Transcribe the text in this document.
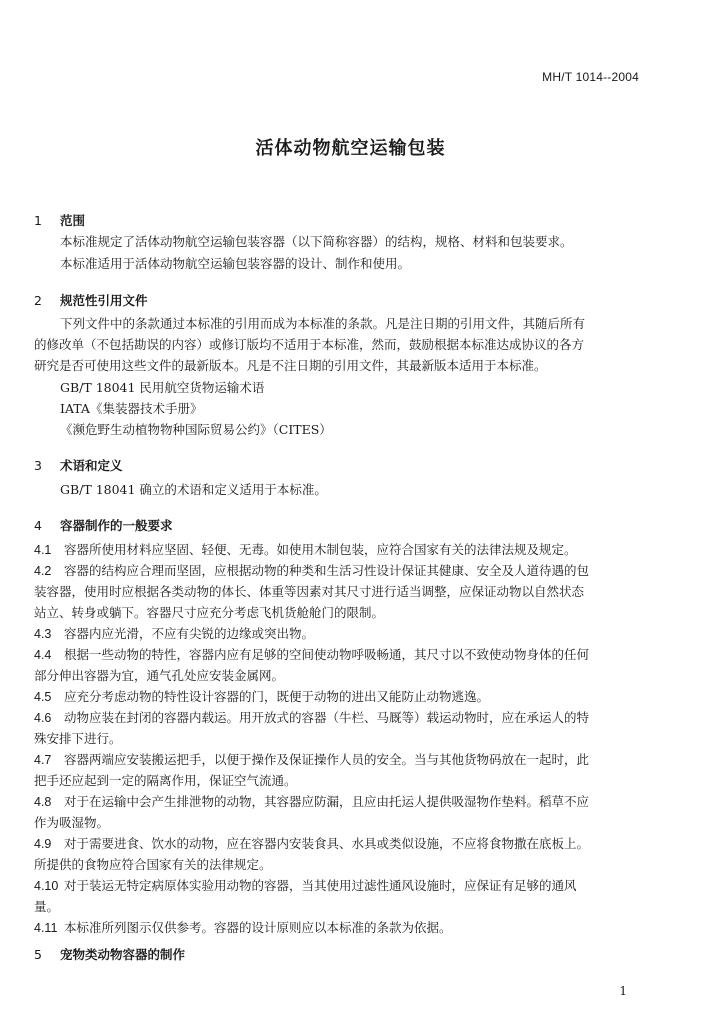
MH/T 1014--2004
活体动物航空运输包装
1 范围
本标准规定了活体动物航空运输包装容器（以下简称容器）的结构，规格、材料和包装要求。
本标准适用于活体动物航空运输包装容器的设计、制作和使用。
2 规范性引用文件
下列文件中的条款通过本标准的引用而成为本标准的条款。凡是注日期的引用文件，其随后所有
的修改单（不包括勘误的内容）或修订版均不适用于本标准，然而，鼓励根据本标准达成协议的各方
研究是否可使用这些文件的最新版本。凡是不注日期的引用文件，其最新版本适用于本标准。
GB/T 18041 民用航空货物运输术语
IATA《集装器技术手册》
《濒危野生动植物物种国际贸易公约》（CITES）
3 术语和定义
GB/T 18041 确立的术语和定义适用于本标准。
4 容器制作的一般要求
4.1 容器所使用材料应坚固、轻便、无毒。如使用木制包装，应符合国家有关的法律法规及规定。
4.2 容器的结构应合理而坚固，应根据动物的种类和生活习性设计保证其健康、安全及人道待遇的包
装容器，使用时应根据各类动物的体长、体重等因素对其尺寸进行适当调整，应保证动物以自然状态
站立、转身或躺下。容器尺寸应充分考虑飞机货舱舱门的限制。
4.3 容器内应光滑，不应有尖锐的边缘或突出物。
4.4 根据一些动物的特性，容器内应有足够的空间使动物呼吸畅通，其尺寸以不致使动物身体的任何
部分伸出容器为宜，通气孔处应安装金属网。
4.5 应充分考虑动物的特性设计容器的门，既便于动物的进出又能防止动物逃逸。
4.6 动物应装在封闭的容器内载运。用开放式的容器（牛栏、马厩等）载运动物时，应在承运人的特
殊安排下进行。
4.7 容器两端应安装搬运把手，以便于操作及保证操作人员的安全。当与其他货物码放在一起时，此
把手还应起到一定的隔离作用，保证空气流通。
4.8 对于在运输中会产生排泄物的动物，其容器应防漏，且应由托运人提供吸湿物作垫料。稻草不应
作为吸湿物。
4.9 对于需要进食、饮水的动物，应在容器内安装食具、水具或类似设施，不应将食物撒在底板上。
所提供的食物应符合国家有关的法律规定。
4.10 对于装运无特定病原体实验用动物的容器，当其使用过滤性通风设施时，应保证有足够的通风
量。
4.11 本标准所列图示仅供参考。容器的设计原则应以本标准的条款为依据。
5 宠物类动物容器的制作
1
